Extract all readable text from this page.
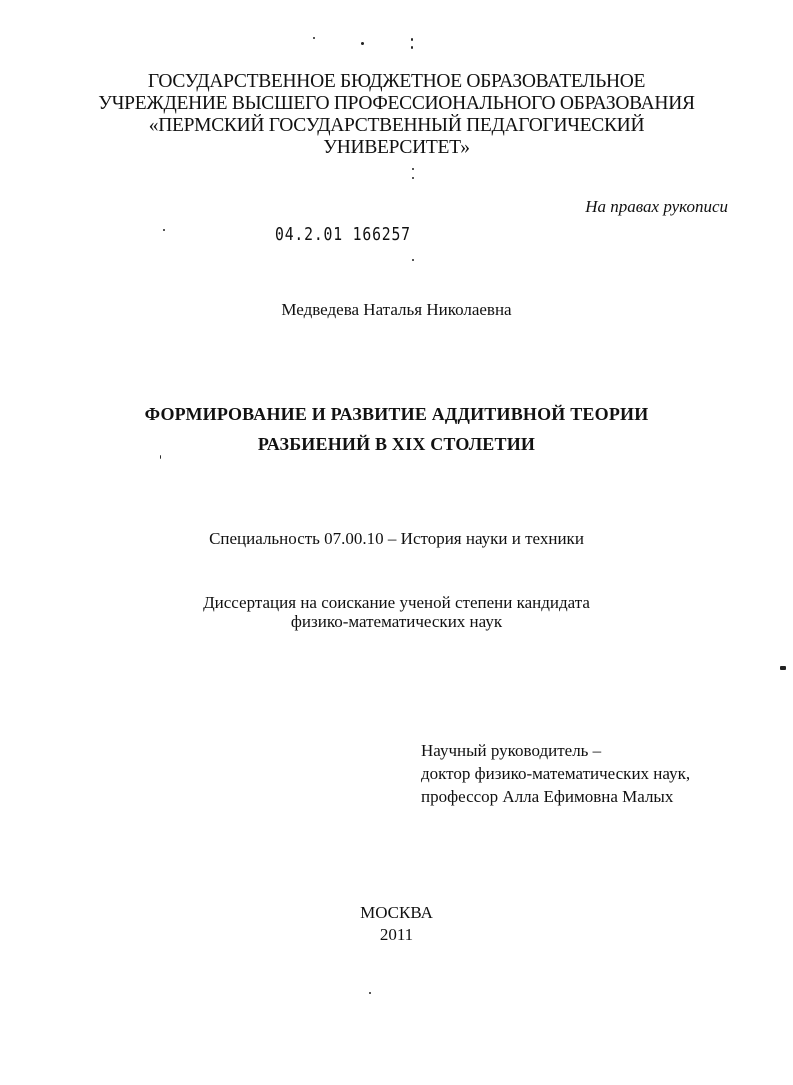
ГОСУДАРСТВЕННОЕ БЮДЖЕТНОЕ ОБРАЗОВАТЕЛЬНОЕ
УЧРЕЖДЕНИЕ ВЫСШЕГО ПРОФЕССИОНАЛЬНОГО ОБРАЗОВАНИЯ
«ПЕРМСКИЙ ГОСУДАРСТВЕННЫЙ ПЕДАГОГИЧЕСКИЙ
УНИВЕРСИТЕТ»
На правах рукописи
04.2.01 166257
Медведева Наталья Николаевна
ФОРМИРОВАНИЕ И РАЗВИТИЕ АДДИТИВНОЙ ТЕОРИИ
РАЗБИЕНИЙ В XIX СТОЛЕТИИ
Специальность 07.00.10 – История науки и техники
Диссертация на соискание ученой степени кандидата
физико-математических наук
Научный руководитель –
доктор физико-математических наук,
профессор Алла Ефимовна Малых
МОСКВА
2011
